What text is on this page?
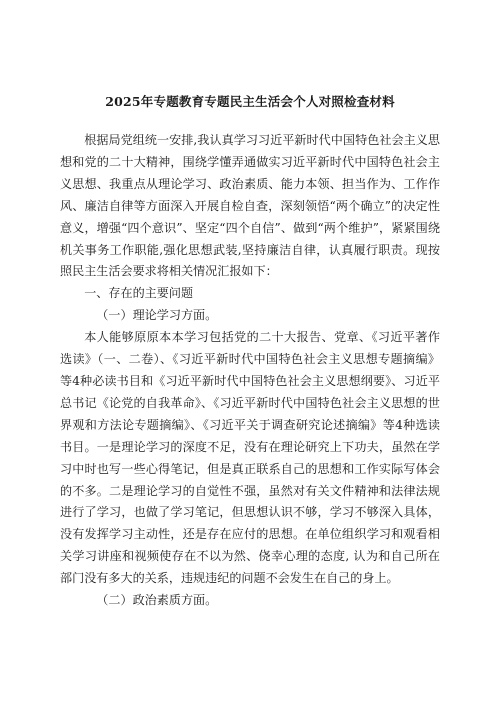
2025年专题教育专题民主生活会个人对照检查材料

根据局党组统一安排,我认真学习习近平新时代中国特色社会主义思想和党的二十大精神，围绕学懂弄通做实习近平新时代中国特色社会主义思想、我重点从理论学习、政治素质、能力本领、担当作为、工作作风、廉洁自律等方面深入开展自检自查，深刻领悟“两个确立”的决定性意义，增强“四个意识”、坚定“四个自信”、做到“两个维护”，紧紧围绕机关事务工作职能,强化思想武装,坚持廉洁自律，认真履行职责。现按照民主生活会要求将相关情况汇报如下：

一、存在的主要问题

（一）理论学习方面。

本人能够原原本本学习包括党的二十大报告、党章、《习近平著作选读》（一、二卷）、《习近平新时代中国特色社会主义思想专题摘编》等4种必读书目和《习近平新时代中国特色社会主义思想纲要》、习近平总书记《论党的自我革命》、《习近平新时代中国特色社会主义思想的世界观和方法论专题摘编》、《习近平关于调查研究论述摘编》等4种选读书目。一是理论学习的深度不足，没有在理论研究上下功夫，虽然在学习中时也写一些心得笔记，但是真正联系自己的思想和工作实际写体会的不多。二是理论学习的自觉性不强，虽然对有关文件精神和法律法规进行了学习，也做了学习笔记，但思想认识不够，学习不够深入具体，没有发挥学习主动性，还是存在应付的思想。在单位组织学习和观看相关学习讲座和视频使存在不以为然、侥幸心理的态度, 认为和自己所在部门没有多大的关系，违规违纪的问题不会发生在自己的身上。

（二）政治素质方面。
